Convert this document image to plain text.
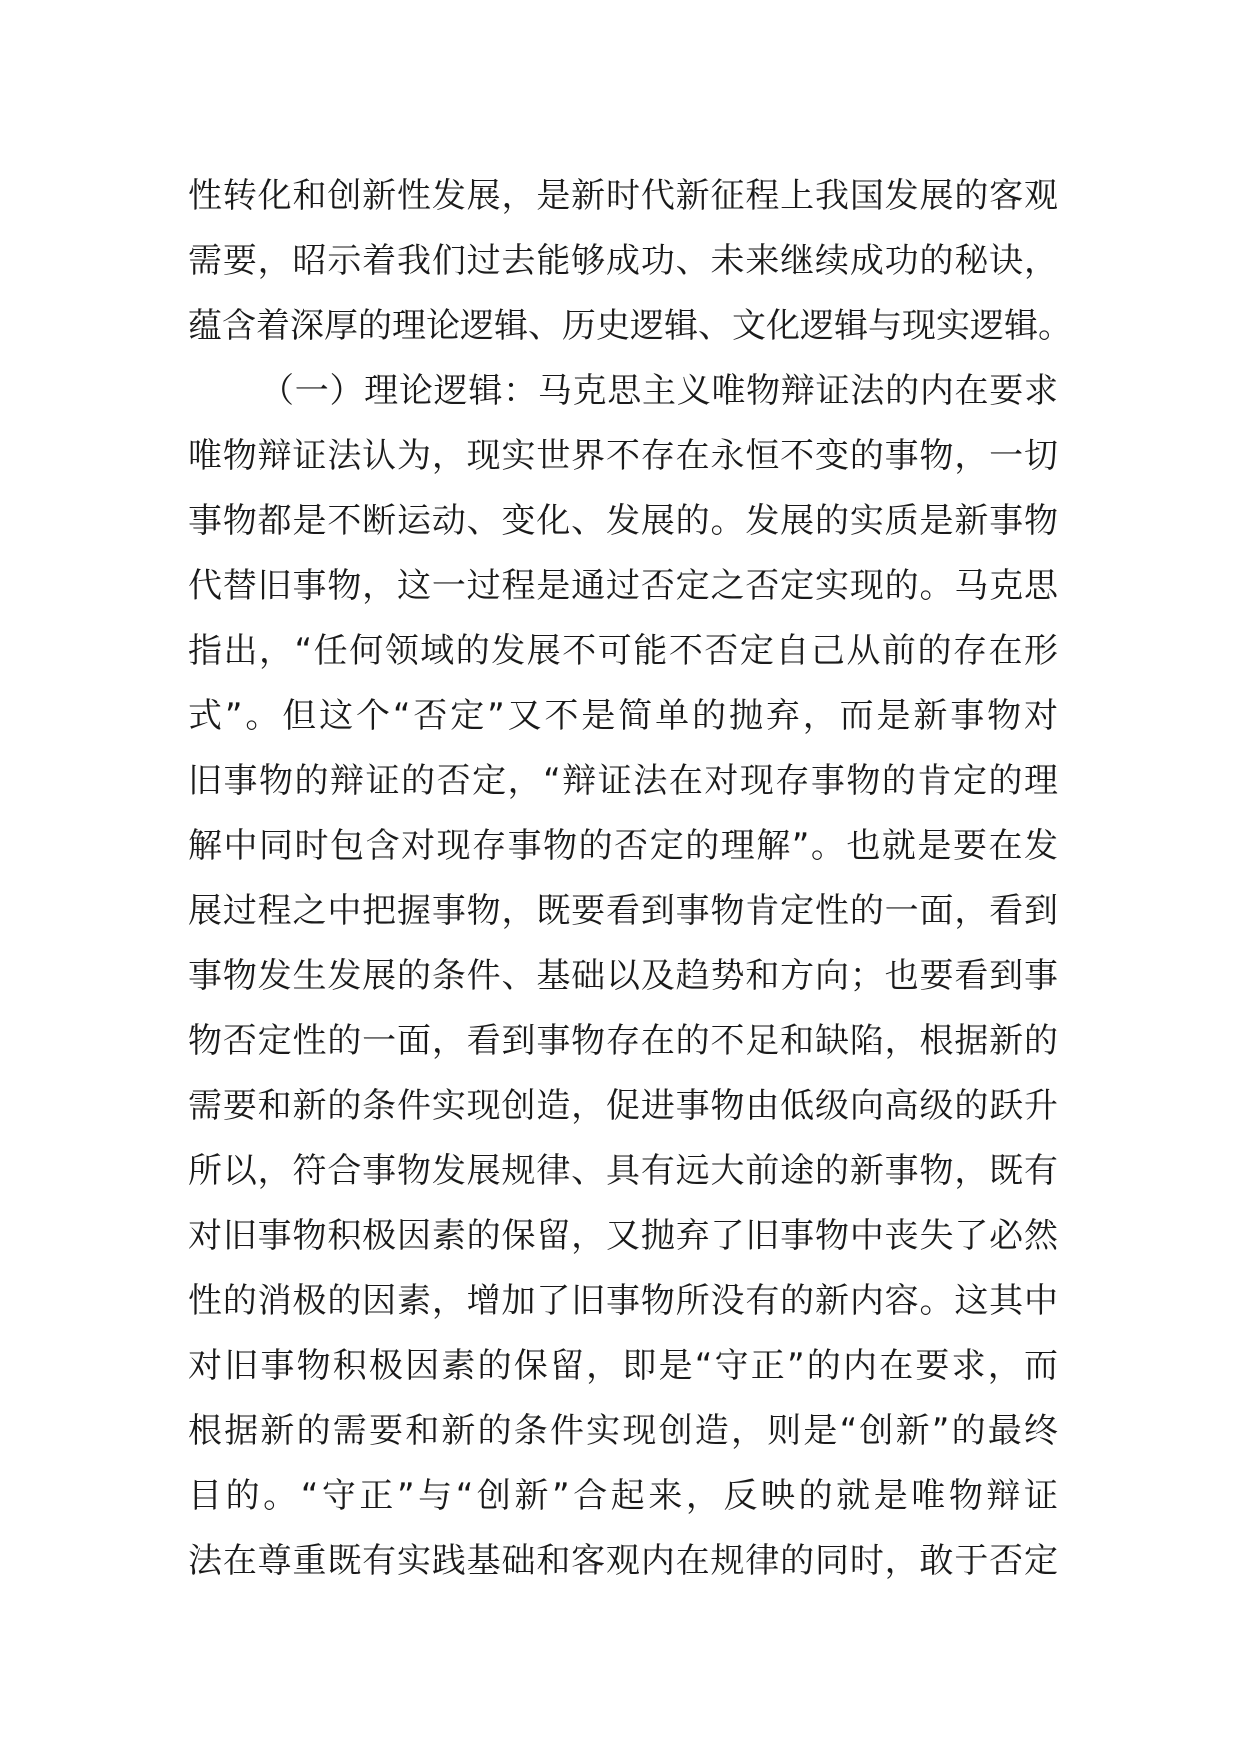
性转化和创新性发展，是新时代新征程上我国发展的客观
需要，昭示着我们过去能够成功、未来继续成功的秘诀，
蕴含着深厚的理论逻辑、历史逻辑、文化逻辑与现实逻辑。
（一）理论逻辑：马克思主义唯物辩证法的内在要求
唯物辩证法认为，现实世界不存在永恒不变的事物，一切
事物都是不断运动、变化、发展的。发展的实质是新事物
代替旧事物，这一过程是通过否定之否定实现的。马克思
指出，“任何领域的发展不可能不否定自己从前的存在形
式”。但这个“否定”又不是简单的抛弃，而是新事物对
旧事物的辩证的否定，“辩证法在对现存事物的肯定的理
解中同时包含对现存事物的否定的理解”。也就是要在发
展过程之中把握事物，既要看到事物肯定性的一面，看到
事物发生发展的条件、基础以及趋势和方向；也要看到事
物否定性的一面，看到事物存在的不足和缺陷，根据新的
需要和新的条件实现创造，促进事物由低级向高级的跃升
所以，符合事物发展规律、具有远大前途的新事物，既有
对旧事物积极因素的保留，又抛弃了旧事物中丧失了必然
性的消极的因素，增加了旧事物所没有的新内容。这其中
对旧事物积极因素的保留，即是“守正”的内在要求，而
根据新的需要和新的条件实现创造，则是“创新”的最终
目的。“守正”与“创新”合起来，反映的就是唯物辩证
法在尊重既有实践基础和客观内在规律的同时，敢于否定
